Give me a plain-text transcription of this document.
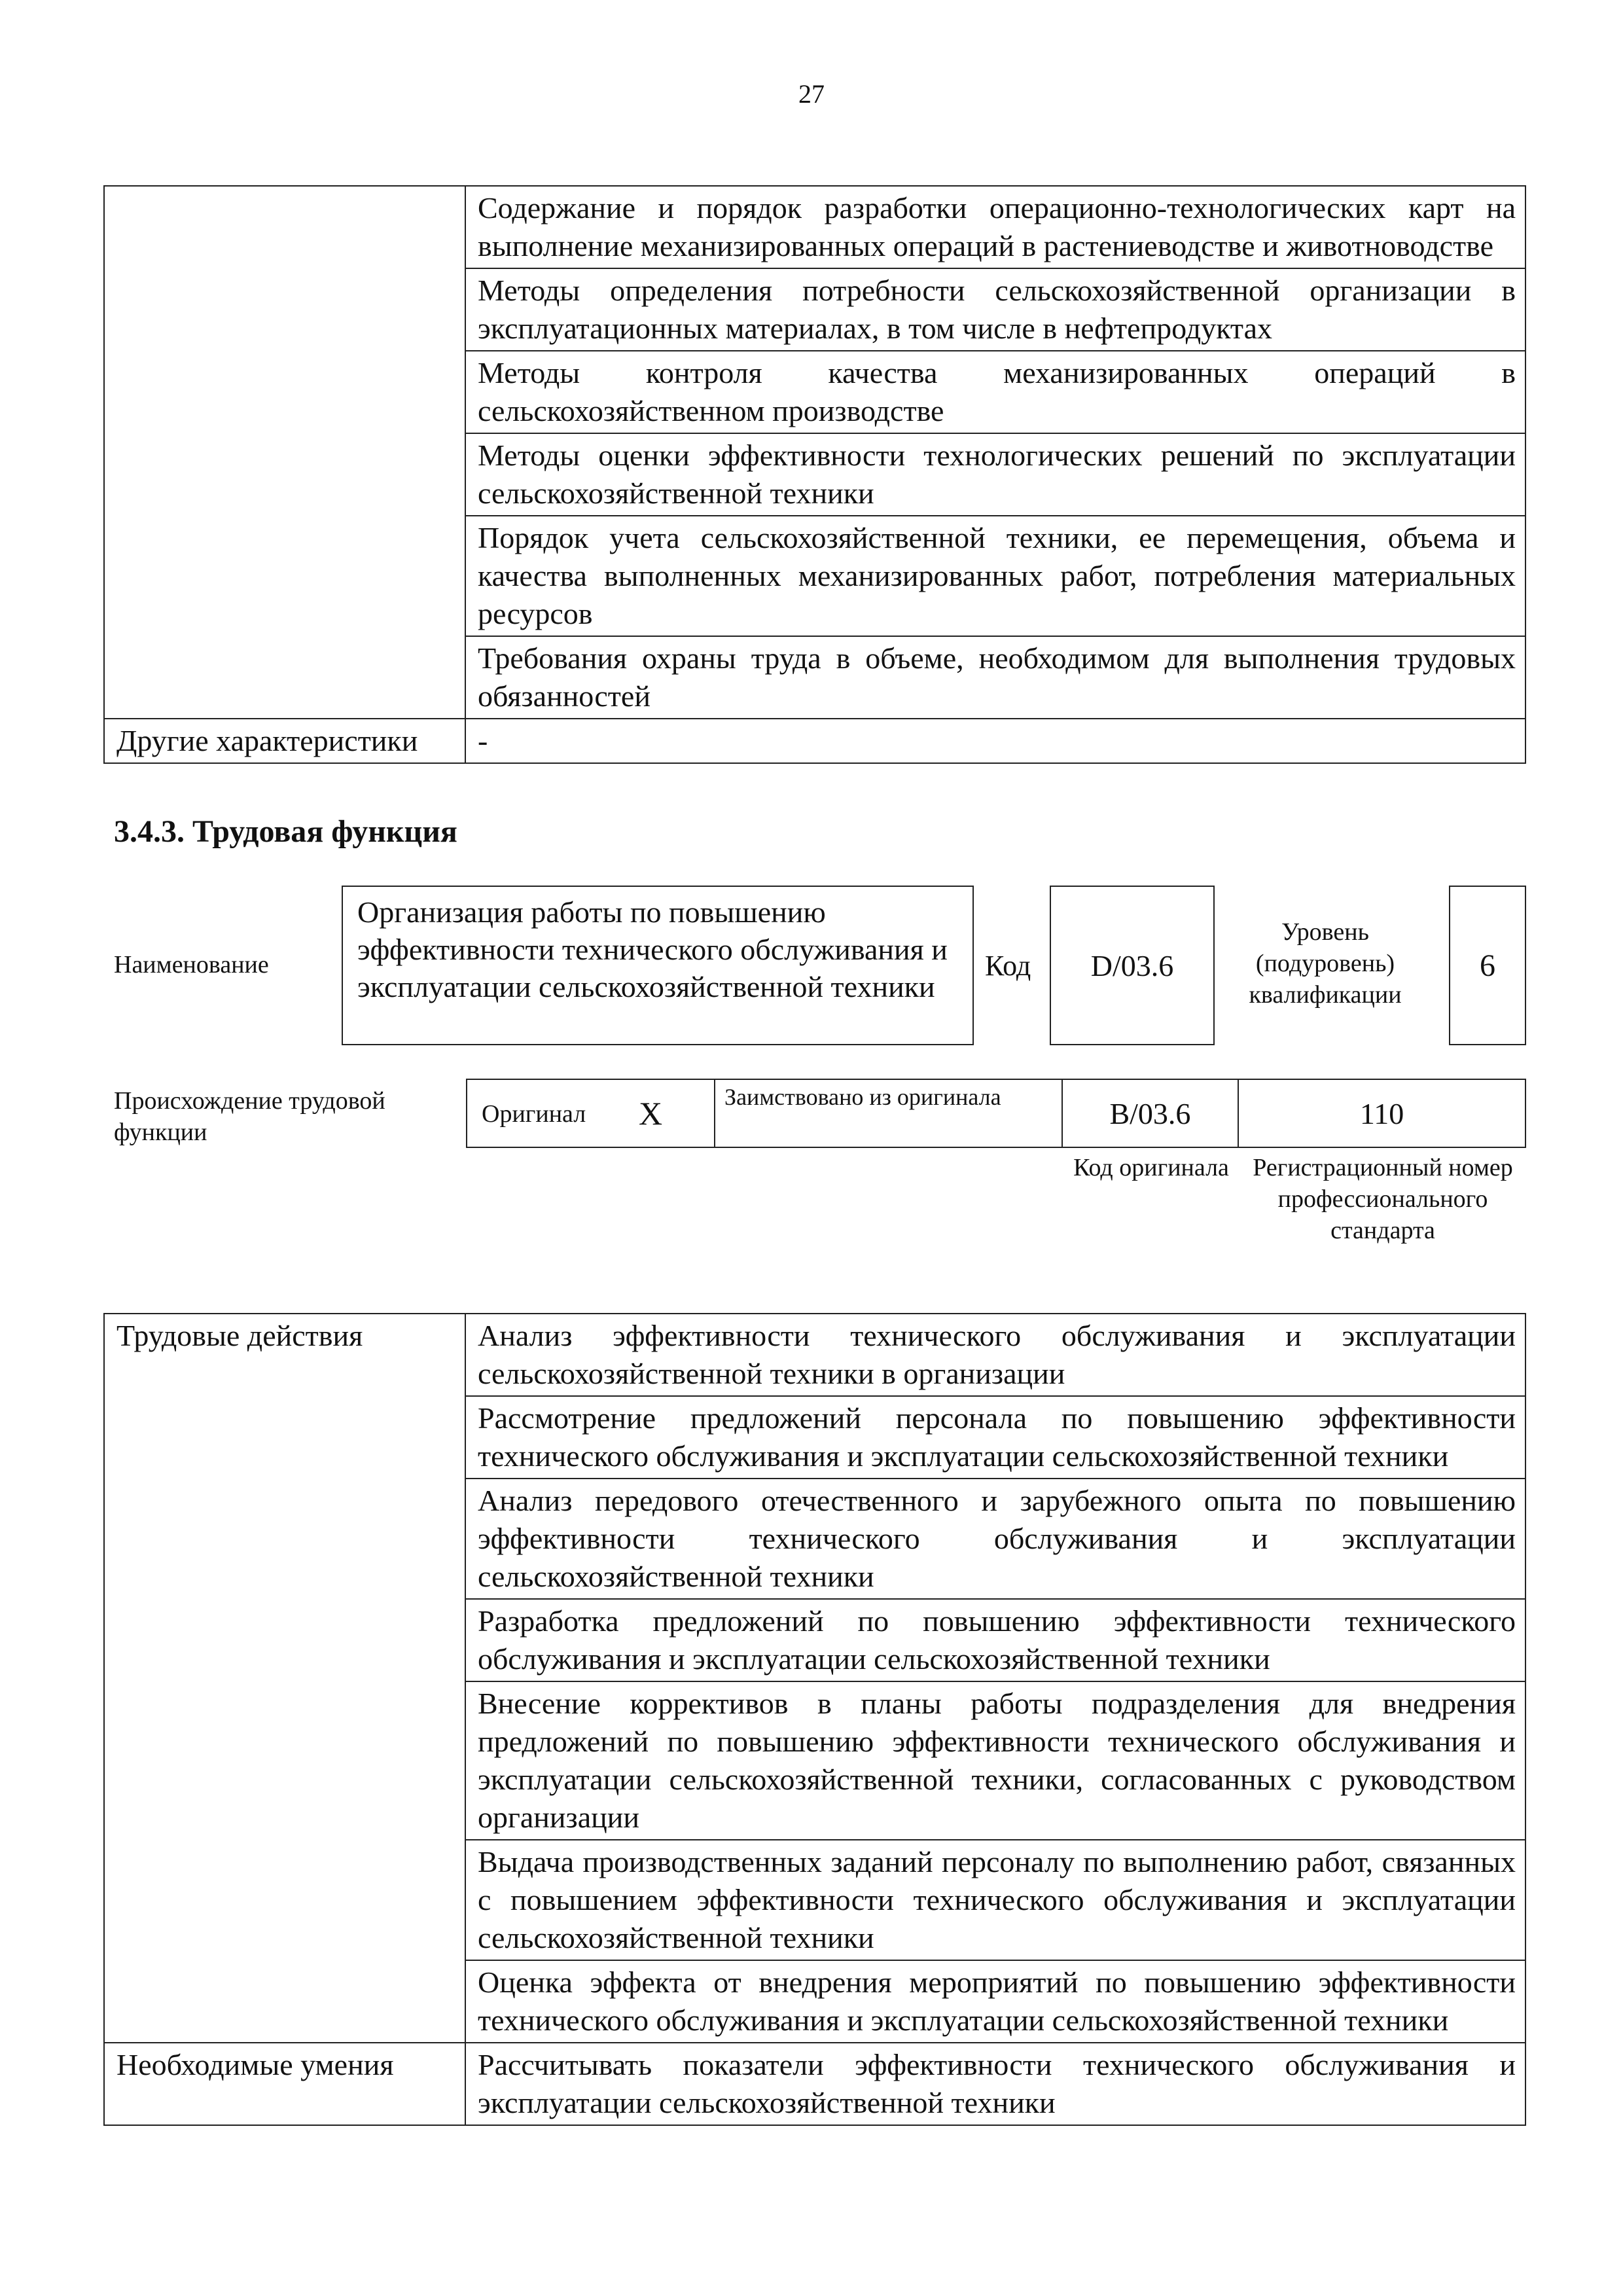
27
	Содержание и порядок разработки операционно-технологических карт на выполнение механизированных операций в растениеводстве и животноводстве
	Методы определения потребности сельскохозяйственной организации в эксплуатационных материалах, в том числе в нефтепродуктах
	Методы контроля качества механизированных операций в сельскохозяйственном производстве
	Методы оценки эффективности технологических решений по эксплуатации сельскохозяйственной техники
	Порядок учета сельскохозяйственной техники, ее перемещения, объема и качества выполненных механизированных работ, потребления материальных ресурсов
	Требования охраны труда в объеме, необходимом для выполнения трудовых обязанностей
Другие характеристики	-
3.4.3. Трудовая функция
Наименование
Организация работы по повышению эффективности технического обслуживания и эксплуатации сельскохозяйственной техники
Код	D/03.6
Уровень (подуровень) квалификации
6
Происхождение трудовой функции
Оригинал X	Заимствовано из оригинала	B/03.6	110
Код оригинала Регистрационный номер профессионального стандарта
Трудовые действия	Анализ эффективности технического обслуживания и эксплуатации сельскохозяйственной техники в организации
	Рассмотрение предложений персонала по повышению эффективности технического обслуживания и эксплуатации сельскохозяйственной техники
	Анализ передового отечественного и зарубежного опыта по повышению эффективности технического обслуживания и эксплуатации сельскохозяйственной техники
	Разработка предложений по повышению эффективности технического обслуживания и эксплуатации сельскохозяйственной техники
	Внесение коррективов в планы работы подразделения для внедрения предложений по повышению эффективности технического обслуживания и эксплуатации сельскохозяйственной техники, согласованных с руководством организации
	Выдача производственных заданий персоналу по выполнению работ, связанных с повышением эффективности технического обслуживания и эксплуатации сельскохозяйственной техники
	Оценка эффекта от внедрения мероприятий по повышению эффективности технического обслуживания и эксплуатации сельскохозяйственной техники
Необходимые умения	Рассчитывать показатели эффективности технического обслуживания и эксплуатации сельскохозяйственной техники
